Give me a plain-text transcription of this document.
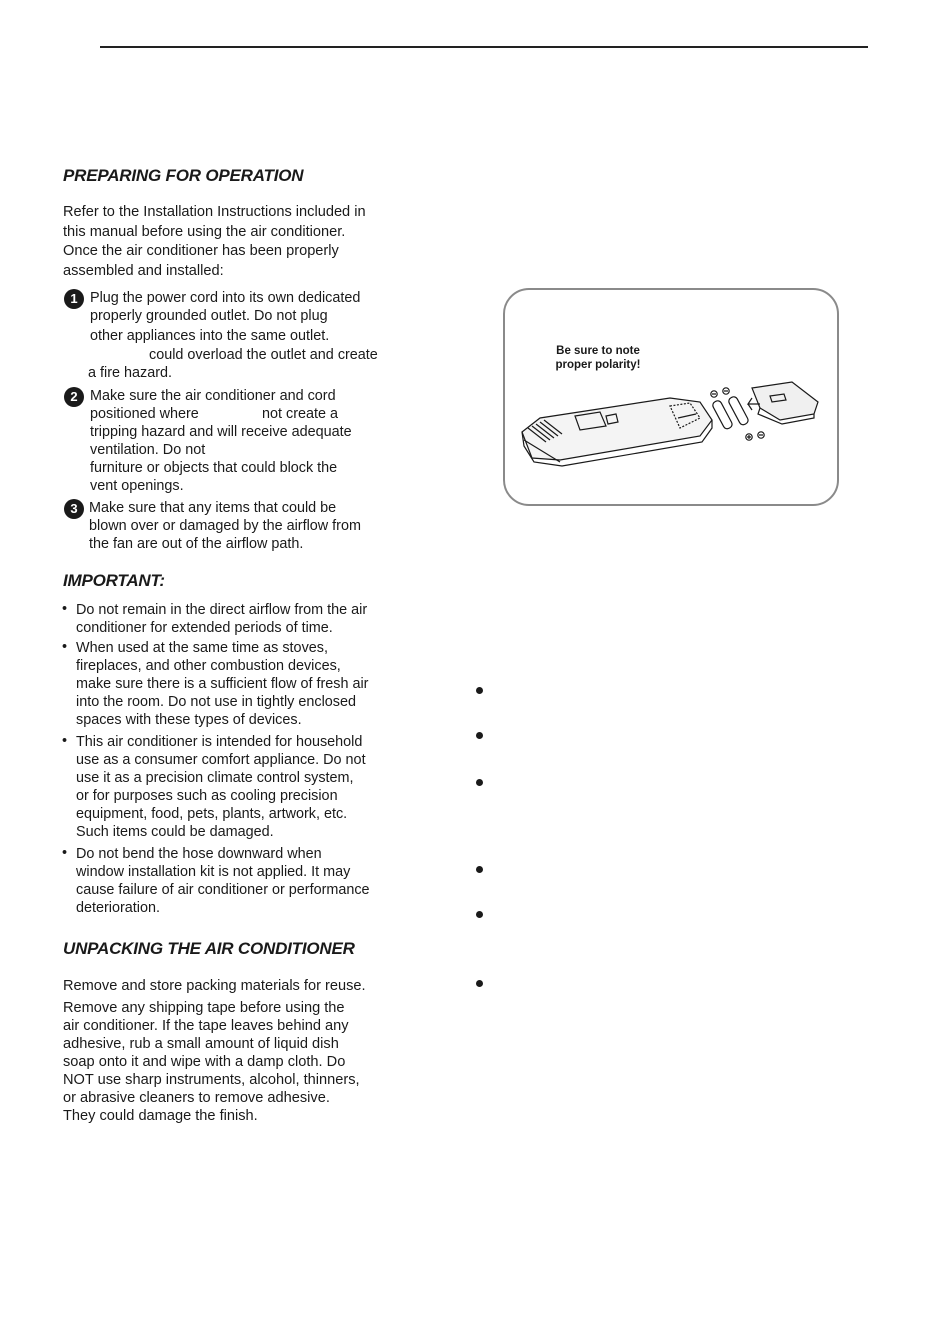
PREPARING FOR OPERATION
Refer to the Installation Instructions included in
this manual before using the air conditioner.
Once the air conditioner has been properly
assembled and installed:
1 Plug the power cord into its own dedicated
properly grounded outlet. Do not plug
other appliances into the same outlet.
could overload the outlet and create
a fire hazard.
2 Make sure the air conditioner and cord
positioned where	not create a
tripping hazard and will receive adequate
ventilation. Do not
furniture or objects that could block the
vent openings.
3 Make sure that any items that could be
blown over or damaged by the airflow from
the fan are out of the airflow path.
IMPORTANT:
• Do not remain in the direct airflow from the air
conditioner for extended periods of time.
• When used at the same time as stoves,
fireplaces, and other combustion devices,
make sure there is a sufficient flow of fresh air
into the room. Do not use in tightly enclosed
spaces with these types of devices.
• This air conditioner is intended for household
use as a consumer comfort appliance. Do not
use it as a precision climate control system,
or for purposes such as cooling precision
equipment, food, pets, plants, artwork, etc.
Such items could be damaged.
• Do not bend the hose downward when
window installation kit is not applied. It may
cause failure of air conditioner or performance
deterioration.
UNPACKING THE AIR CONDITIONER
Remove and store packing materials for reuse.
Remove any shipping tape before using the
air conditioner. If the tape leaves behind any
adhesive, rub a small amount of liquid dish
soap onto it and wipe with a damp cloth. Do
NOT use sharp instruments, alcohol, thinners,
or abrasive cleaners to remove adhesive.
They could damage the finish.
Be sure to note
proper polarity!
